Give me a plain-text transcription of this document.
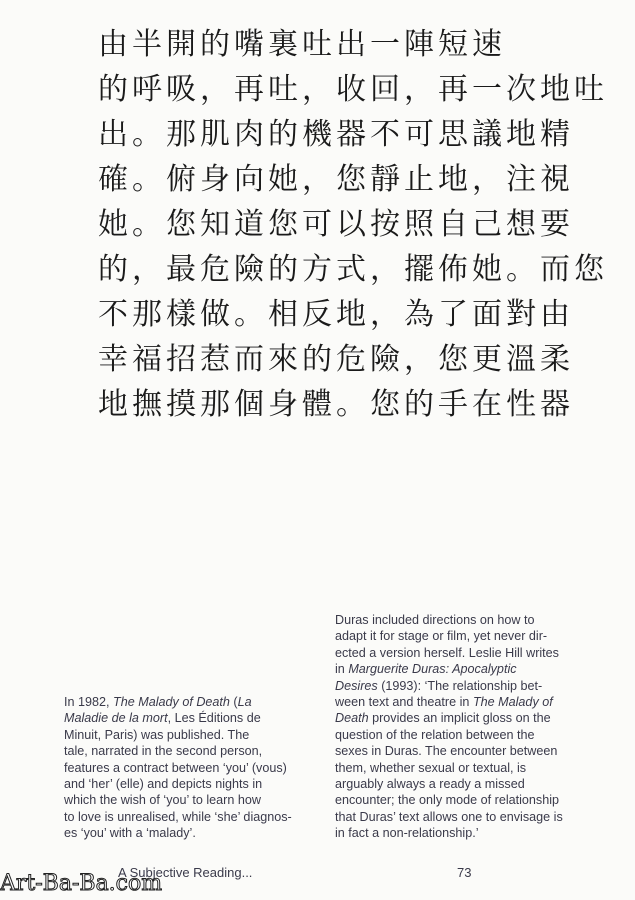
由半開的嘴裏吐出一陣短速
的呼吸，再吐，收回，再一次地吐
出。那肌肉的機器不可思議地精
確。俯身向她，您靜止地，注視
她。您知道您可以按照自己想要
的，最危險的方式，擺佈她。而您
不那樣做。相反地，為了面對由
幸福招惹而來的危險，您更溫柔
地撫摸那個身體。您的手在性器

In 1982, The Malady of Death (La

Maladie de la mort, Les Éditions de

Minuit, Paris) was published. The

tale, narrated in the second person,

features a contract between ‘you’ (vous)

and ‘her’ (elle) and depicts nights in

which the wish of ‘you’ to learn how

to love is unrealised, while ‘she’ diagnos-

es ‘you’ with a ‘malady’.

Duras included directions on how to

adapt it for stage or film, yet never dir-

ected a version herself. Leslie Hill writes

in Marguerite Duras: Apocalyptic

Desires (1993): ‘The relationship bet-

ween text and theatre in The Malady of

Death provides an implicit gloss on the

question of the relation between the

sexes in Duras. The encounter between

them, whether sexual or textual, is

arguably always a ready a missed

encounter; the only mode of relationship

that Duras’ text allows one to envisage is

in fact a non-relationship.’

A Subjective Reading...	73
Art-Ba-Ba.com
